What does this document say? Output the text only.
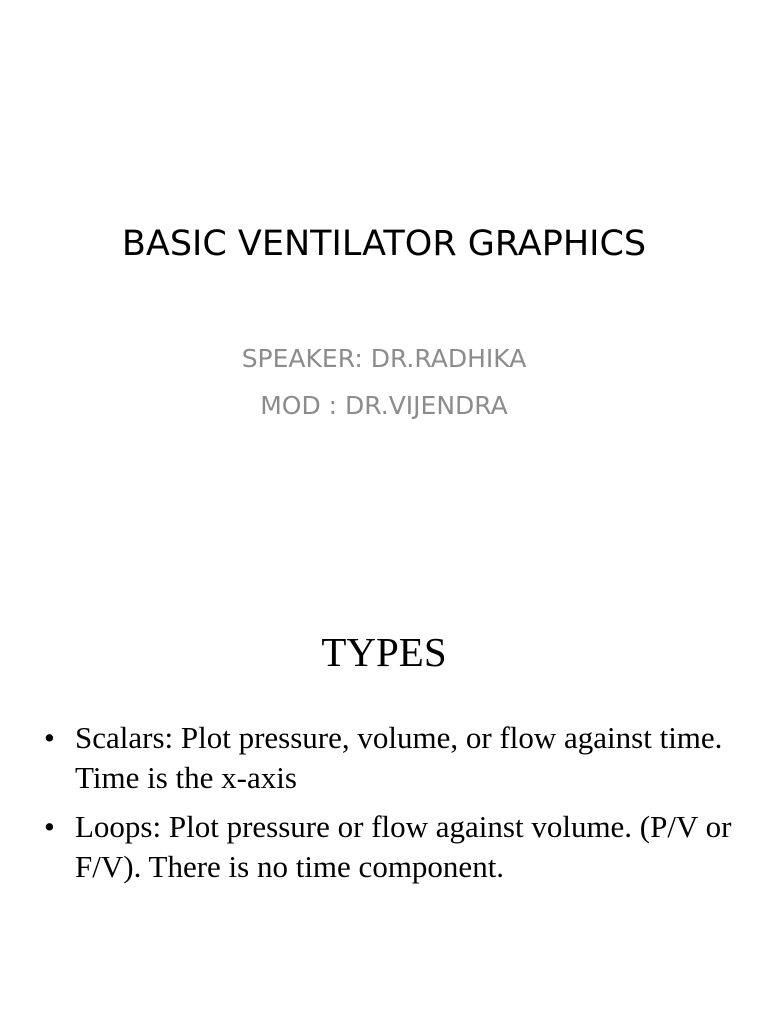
BASIC VENTILATOR GRAPHICS
SPEAKER: DR.RADHIKA
MOD : DR.VIJENDRA
TYPES
• Scalars: Plot pressure, volume, or flow against time. Time is the x-axis
• Loops: Plot pressure or flow against volume. (P/V or F/V). There is no time component.
